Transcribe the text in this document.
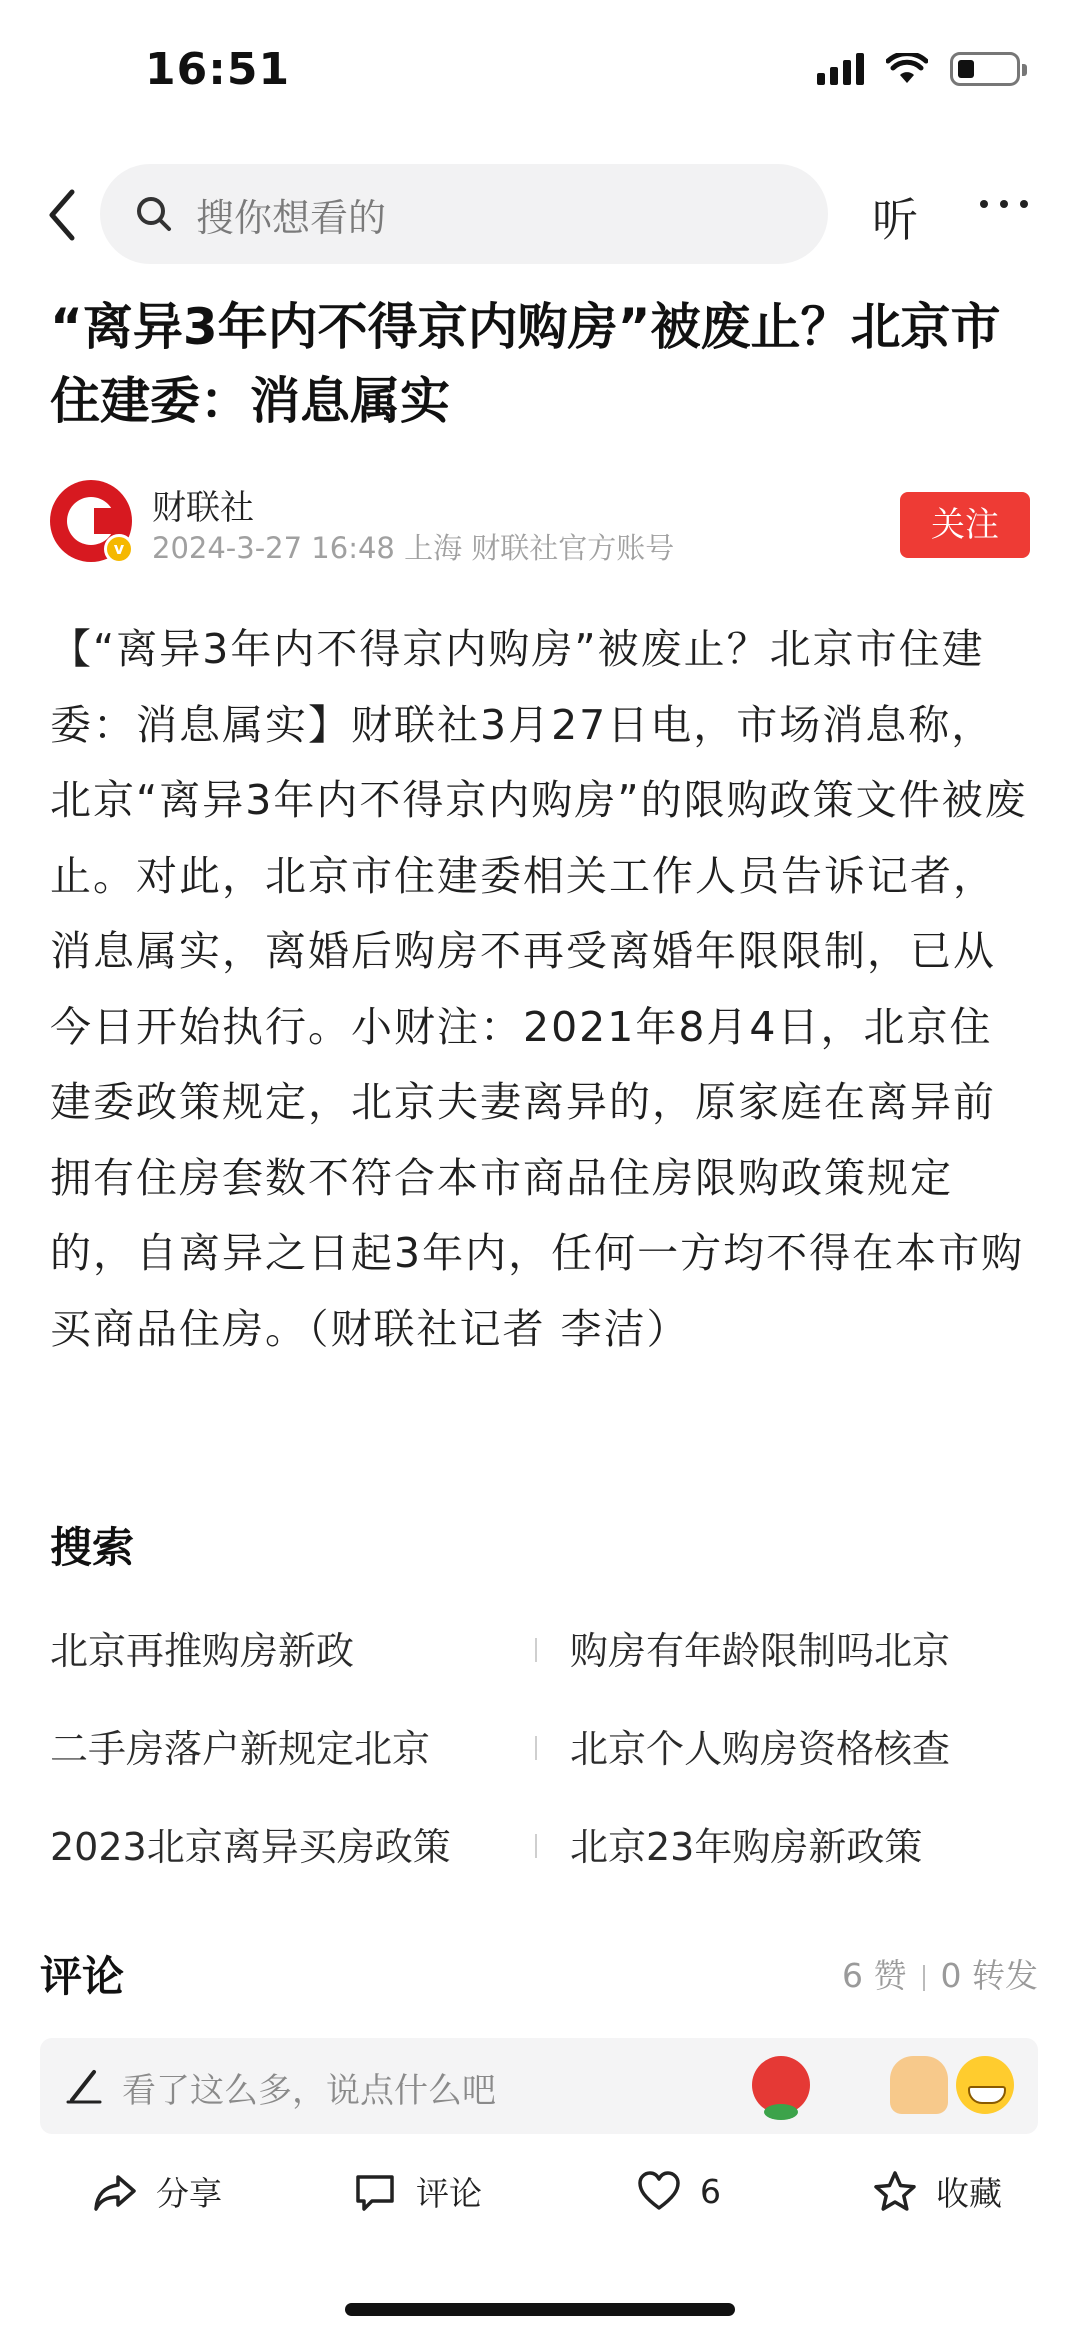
16:51
搜你想看的	听
“离异3年内不得京内购房”被废止？北京市住建委：消息属实
v
财联社
2024-3-27 16:48 上海 财联社官方账号
关注

【“离异3年内不得京内购房”被废止？北京市住建委：消息属实】财联社3月27日电，市场消息称，北京“离异3年内不得京内购房”的限购政策文件被废止。对此，北京市住建委相关工作人员告诉记者，消息属实，离婚后购房不再受离婚年限限制，已从今日开始执行。小财注：2021年8月4日，北京住建委政策规定，北京夫妻离异的，原家庭在离异前拥有住房套数不符合本市商品住房限购政策规定的，自离异之日起3年内，任何一方均不得在本市购买商品住房。（财联社记者 李洁）

搜索
北京再推购房新政	购房有年龄限制吗北京
二手房落户新规定北京	北京个人购房资格核查
2023北京离异买房政策	北京23年购房新政策
评论	6 赞 0 转发
看了这么多，说点什么吧
分享	评论	6	收藏
